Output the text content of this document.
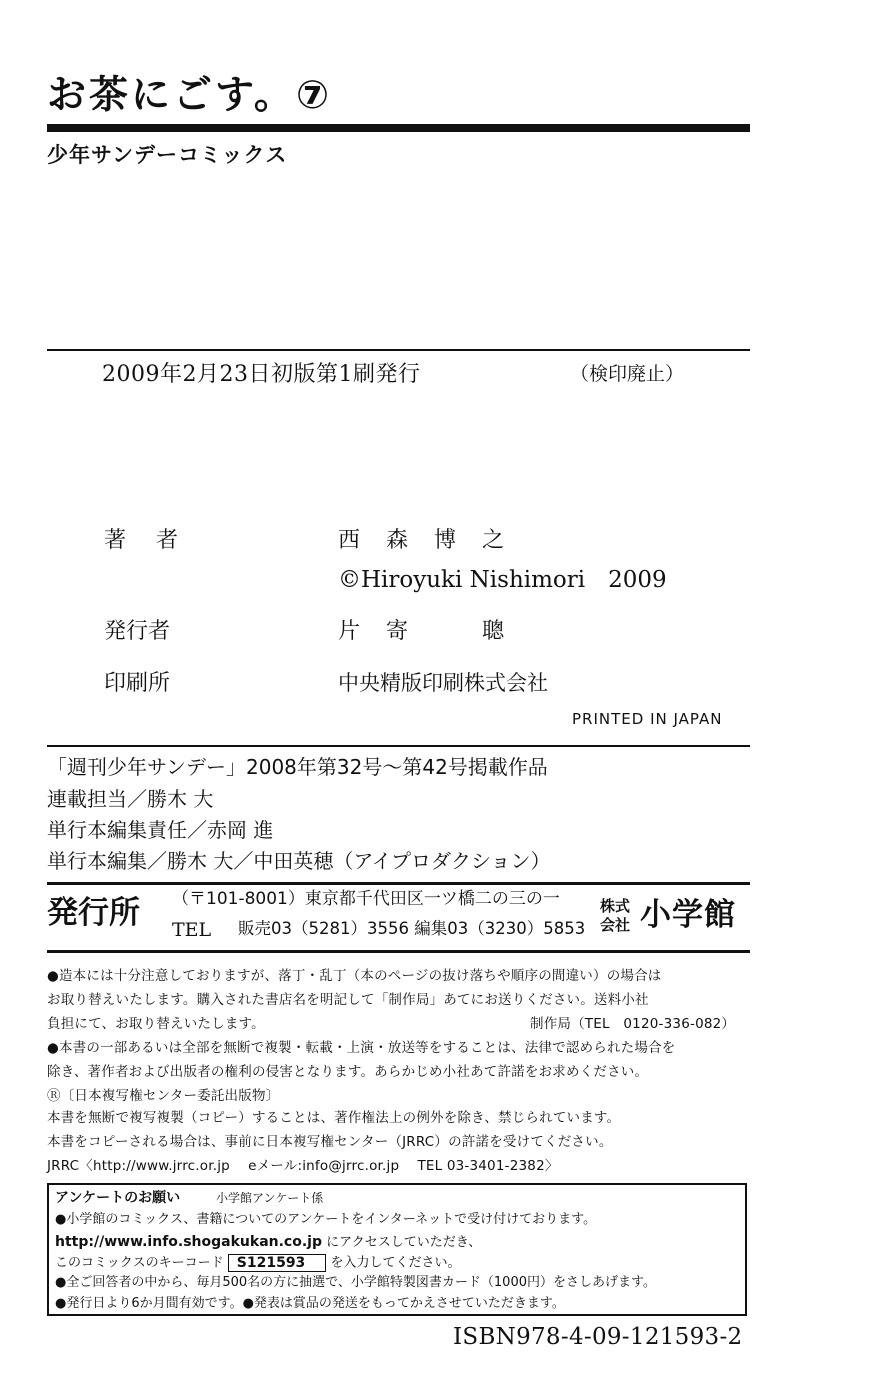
お茶にごす。⑦
少年サンデーコミックス
2009年2月23日初版第1刷発行	（検印廃止）
著　者	西　森　博　之
©Hiroyuki Nishimori　2009
発行者	片　寄　　　聰
印刷所	中央精版印刷株式会社
PRINTED IN JAPAN
「週刊少年サンデー」2008年第32号～第42号掲載作品
連載担当／勝木 大
単行本編集責任／赤岡 進
単行本編集／勝木 大／中田英穂（アイプロダクション）
発行所 （〒101-8001）東京都千代田区一ツ橋二の三の一
TEL 販売03（5281）3556 編集03（3230）5853
株式
会社 小学館
●造本には十分注意しておりますが、落丁・乱丁（本のページの抜け落ちや順序の間違い）の場合は
お取り替えいたします。購入された書店名を明記して「制作局」あてにお送りください。送料小社
負担にて、お取り替えいたします。	制作局（TEL　0120-336-082）
●本書の一部あるいは全部を無断で複製・転載・上演・放送等をすることは、法律で認められた場合を
除き、著作者および出版者の権利の侵害となります。あらかじめ小社あて許諾をお求めください。
Ⓡ〔日本複写権センター委託出版物〕
本書を無断で複写複製（コピー）することは、著作権法上の例外を除き、禁じられています。
本書をコピーされる場合は、事前に日本複写権センター（JRRC）の許諾を受けてください。
JRRC〈http://www.jrrc.or.jp　 eメール:info@jrrc.or.jp　 TEL 03-3401-2382〉
アンケートのお願い	小学館アンケート係
●小学館のコミックス、書籍についてのアンケートをインターネットで受け付けております。
http://www.info.shogakukan.co.jp にアクセスしていただき、
このコミックスのキーコード S121593 を入力してください。
●全ご回答者の中から、毎月500名の方に抽選で、小学館特製図書カード（1000円）をさしあげます。
●発行日より6か月間有効です。●発表は賞品の発送をもってかえさせていただきます。
ISBN978-4-09-121593-2
